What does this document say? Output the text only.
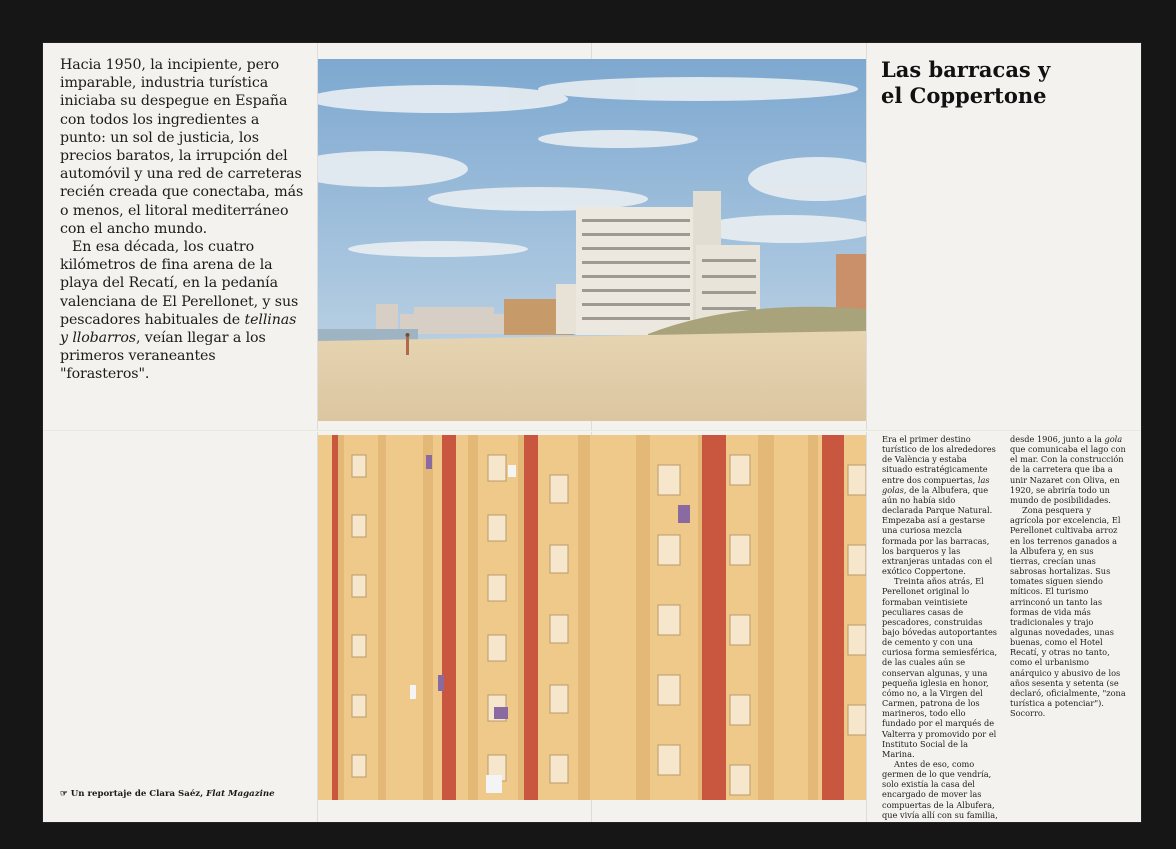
Hacia 1950, la incipiente, pero imparable, industria turística iniciaba su despegue en España con todos los ingredientes a punto: un sol de justicia, los precios baratos, la irrupción del automóvil y una red de carreteras recién creada que conectaba, más o menos, el litoral mediterráneo con el ancho mundo.

En esa década, los cuatro kilómetros de fina arena de la playa del Recatí, en la pedanía valenciana de El Perellonet, y sus pescadores habituales de tellinas y llobarros, veían llegar a los primeros veraneantes "forasteros".

Las barracas y
el Coppertone

Era el primer destino turístico de los alrededores de València y estaba situado estratégicamente entre dos compuertas, las golas, de la Albufera, que aún no había sido declarada Parque Natural. Empezaba así a gestarse una curiosa mezcla formada por las barracas, los barqueros y las extranjeras untadas con el exótico Coppertone.

Treinta años atrás, El Perellonet original lo formaban veintisiete peculiares casas de pescadores, construidas bajo bóvedas autoportantes de cemento y con una curiosa forma semiesférica, de las cuales aún se conservan algunas, y una pequeña iglesia en honor, cómo no, a la Virgen del Carmen, patrona de los marineros, todo ello fundado por el marqués de Valterra y promovido por el Instituto Social de la Marina.

Antes de eso, como germen de lo que vendría, solo existía la casa del encargado de mover las compuertas de la Albufera, que vivía allí con su familia,

desde 1906, junto a la gola que comunicaba el lago con el mar. Con la construcción de la carretera que iba a unir Nazaret con Oliva, en 1920, se abriría todo un mundo de posibilidades.

Zona pesquera y agrícola por excelencia, El Perellonet cultivaba arroz en los terrenos ganados a la Albufera y, en sus tierras, crecían unas sabrosas hortalizas. Sus tomates siguen siendo míticos. El turismo arrinconó un tanto las formas de vida más tradicionales y trajo algunas novedades, unas buenas, como el Hotel Recatí, y otras no tanto, como el urbanismo anárquico y abusivo de los años sesenta y setenta (se declaró, oficialmente, "zona turística a potenciar"). Socorro.

☞ Un reportaje de Clara Saéz, Flat Magazine
